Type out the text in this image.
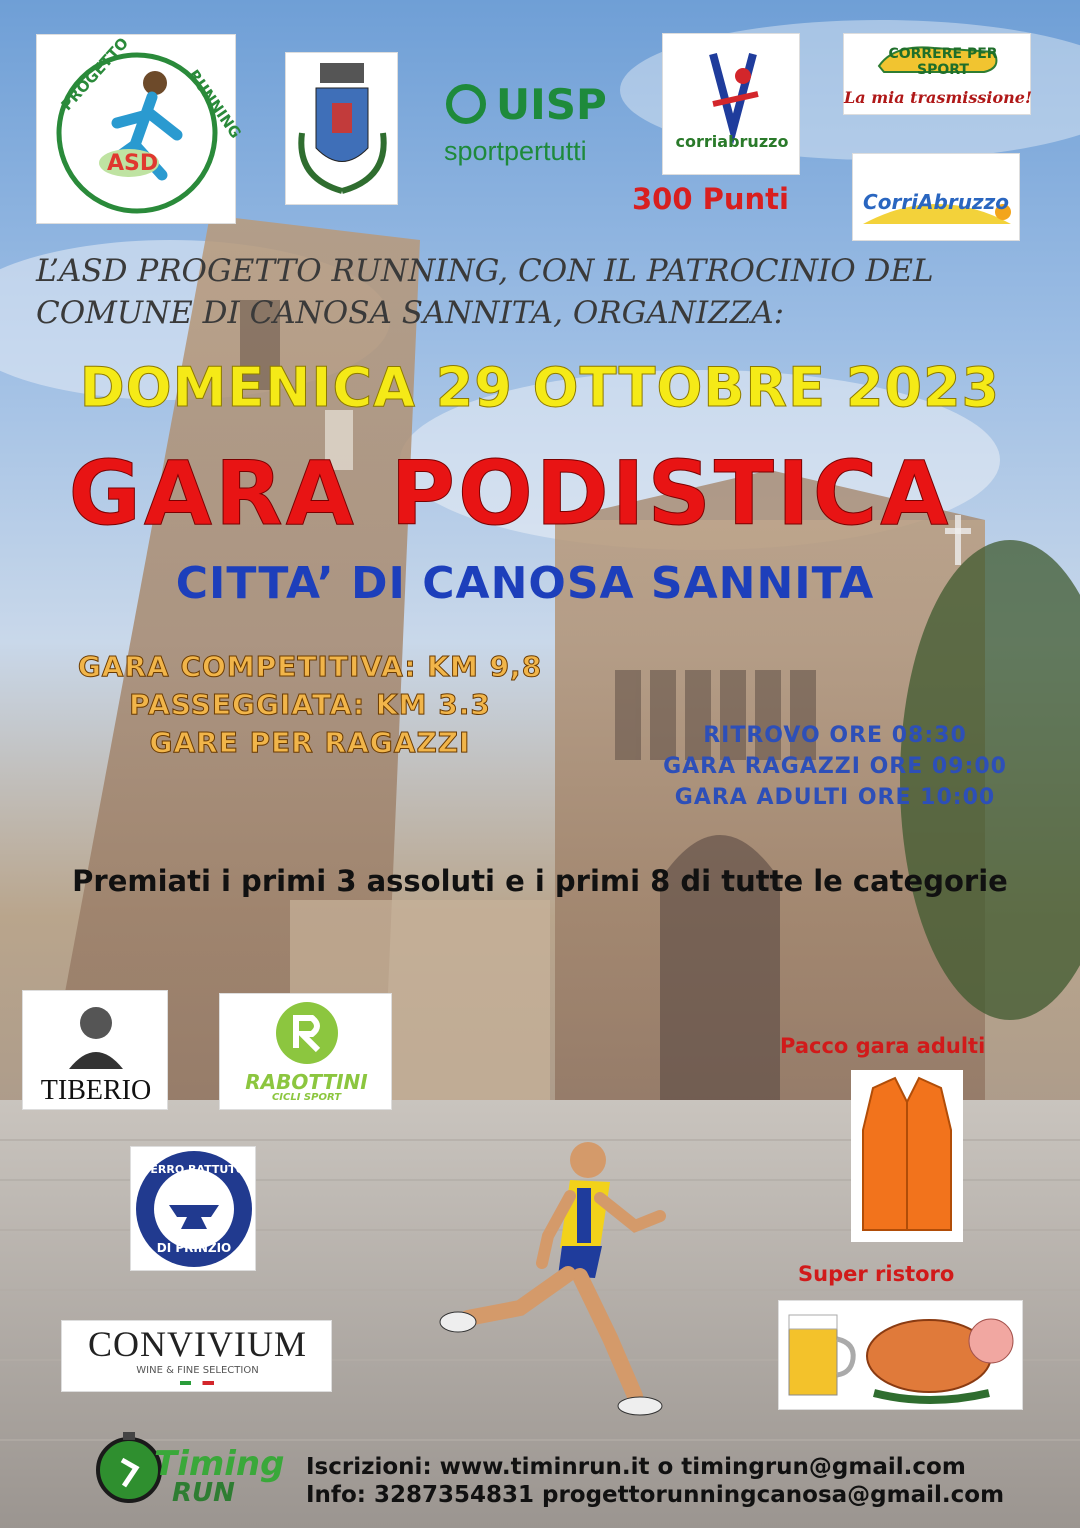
PROGETTO	RUNNING
ASD
UISP
sportpertutti	corriabruzzo
CORRERE PER SPORT
La mia trasmissione!
300 Punti	CorriAbruzzo
L’ASD PROGETTO RUNNING, CON IL PATROCINIO DEL
COMUNE DI CANOSA SANNITA, ORGANIZZA:
DOMENICA 29 OTTOBRE 2023
GARA PODISTICA
CITTA’ DI CANOSA SANNITA
GARA COMPETITIVA: KM 9,8
PASSEGGIATA: KM 3.3
GARE PER RAGAZZI	RITROVO ORE 08:30
GARA RAGAZZI ORE 09:00
GARA ADULTI ORE 10:00
Premiati i primi 3 assoluti e i primi 8 di tutte le categorie
TIBERIO	RABOTTINI
CICLI SPORT
FERRO BATTUTO
DI PRINZIO
CONVIVIUM
WINE & FINE SELECTION
Pacco gara adulti
Super ristoro
Timing
RUN
Iscrizioni: www.timinrun.it o timingrun@gmail.com
Info: 3287354831 progettorunningcanosa@gmail.com
